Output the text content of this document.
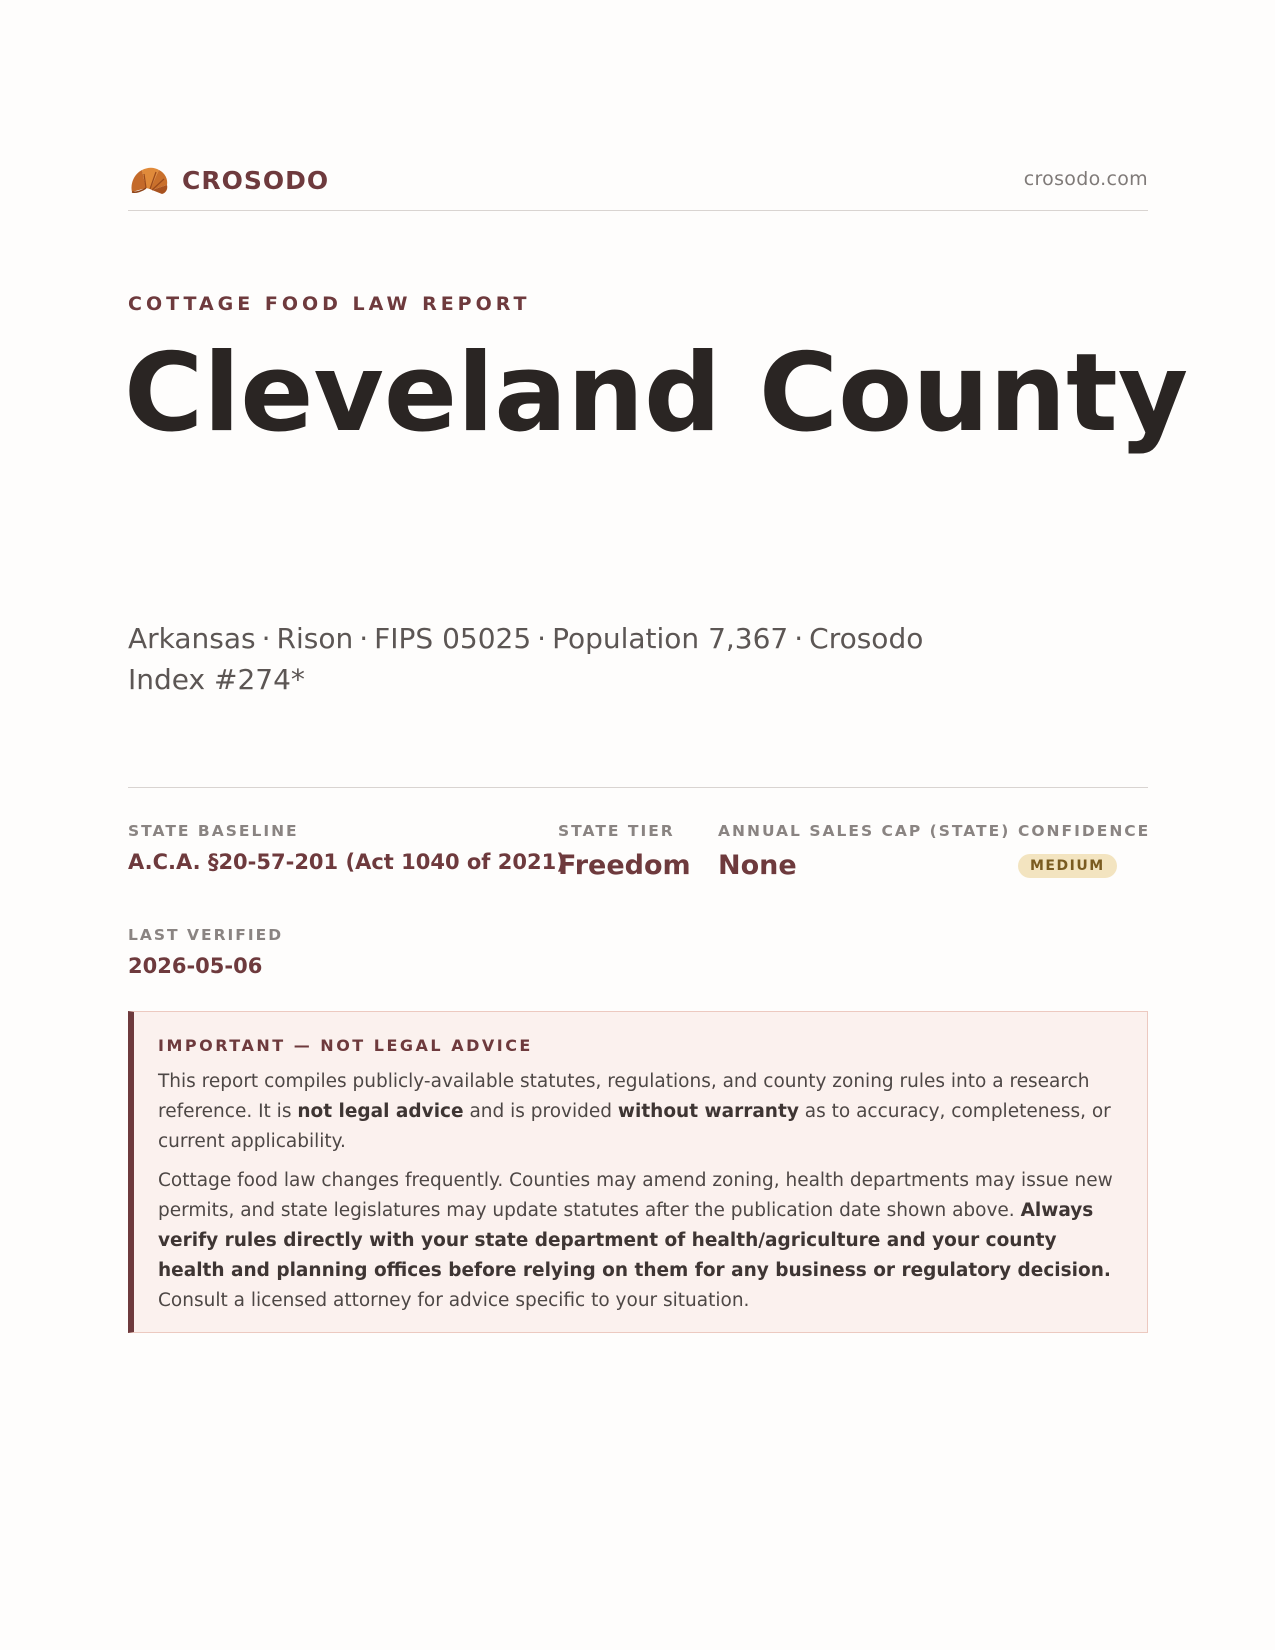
CROSODO	crosodo.com
COTTAGE FOOD LAW REPORT
Cleveland County

Arkansas · Rison · FIPS 05025 · Population 7,367 · Crosodo Index #274*

STATE BASELINE
A.C.A. §20-57-201 (Act 1040 of 2021)
STATE TIER
Freedom
ANNUAL SALES CAP (STATE)
None
CONFIDENCE
MEDIUM
LAST VERIFIED
2026-05-06
IMPORTANT — NOT LEGAL ADVICE

This report compiles publicly-available statutes, regulations, and county zoning rules into a research reference. It is not legal advice and is provided without warranty as to accuracy, completeness, or current applicability.

Cottage food law changes frequently. Counties may amend zoning, health departments may issue new permits, and state legislatures may update statutes after the publication date shown above. Always verify rules directly with your state department of health/agriculture and your county health and planning offices before relying on them for any business or regulatory decision. Consult a licensed attorney for advice specific to your situation.
